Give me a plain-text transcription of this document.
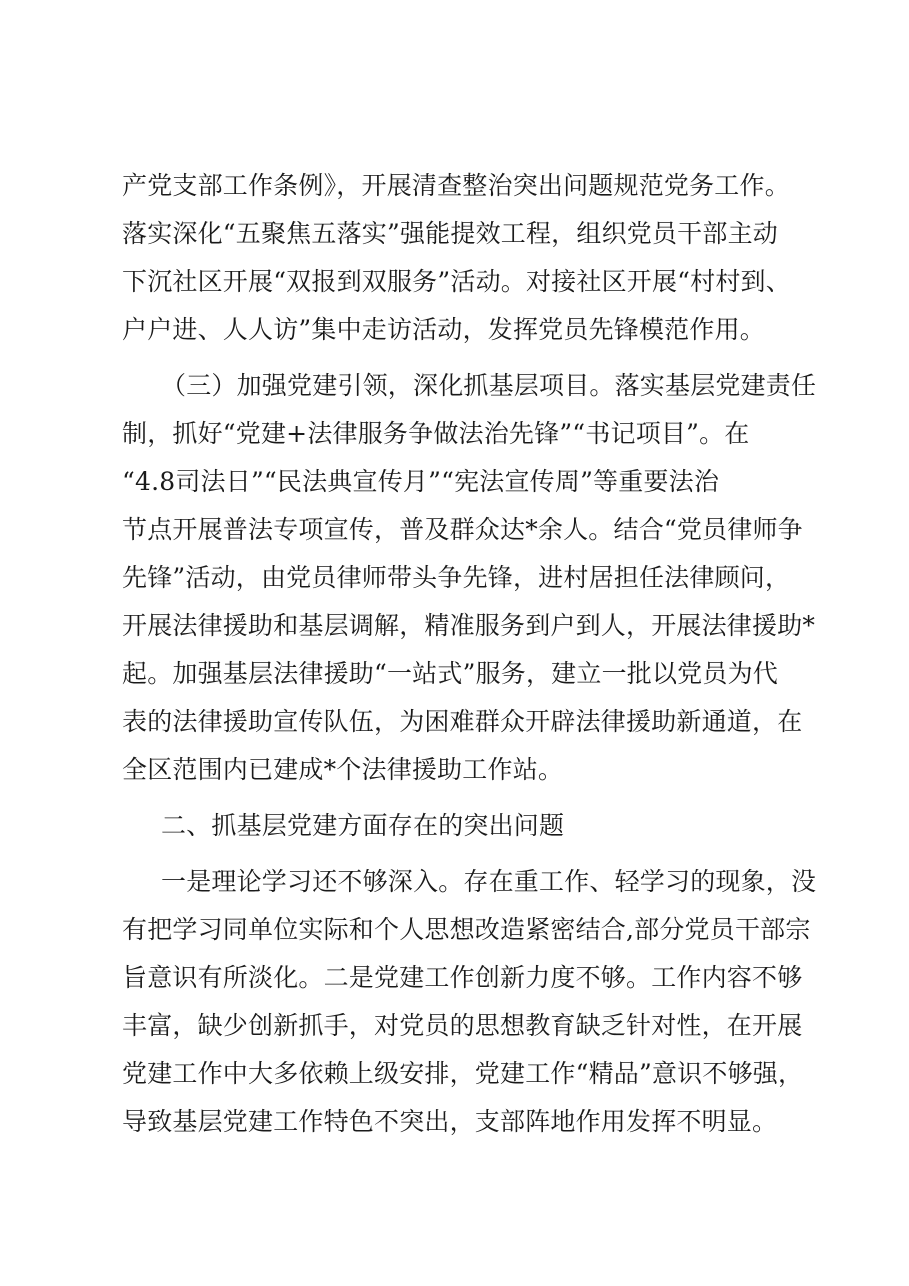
产党支部工作条例》，开展清查整治突出问题规范党务工作。
落实深化“五聚焦五落实”强能提效工程，组织党员干部主动
下沉社区开展“双报到双服务”活动。对接社区开展“村村到、
户户进、人人访”集中走访活动，发挥党员先锋模范作用。
（三）加强党建引领，深化抓基层项目。落实基层党建责任
制，抓好“党建+法律服务争做法治先锋”“书记项目”。在
“4.8司法日”“民法典宣传月”“宪法宣传周”等重要法治
节点开展普法专项宣传，普及群众达*余人。结合“党员律师争
先锋”活动，由党员律师带头争先锋，进村居担任法律顾问，
开展法律援助和基层调解，精准服务到户到人，开展法律援助*
起。加强基层法律援助“一站式”服务，建立一批以党员为代
表的法律援助宣传队伍，为困难群众开辟法律援助新通道，在
全区范围内已建成*个法律援助工作站。
二、抓基层党建方面存在的突出问题
一是理论学习还不够深入。存在重工作、轻学习的现象，没
有把学习同单位实际和个人思想改造紧密结合,部分党员干部宗
旨意识有所淡化。二是党建工作创新力度不够。工作内容不够
丰富，缺少创新抓手，对党员的思想教育缺乏针对性，在开展
党建工作中大多依赖上级安排，党建工作“精品”意识不够强，
导致基层党建工作特色不突出，支部阵地作用发挥不明显。
